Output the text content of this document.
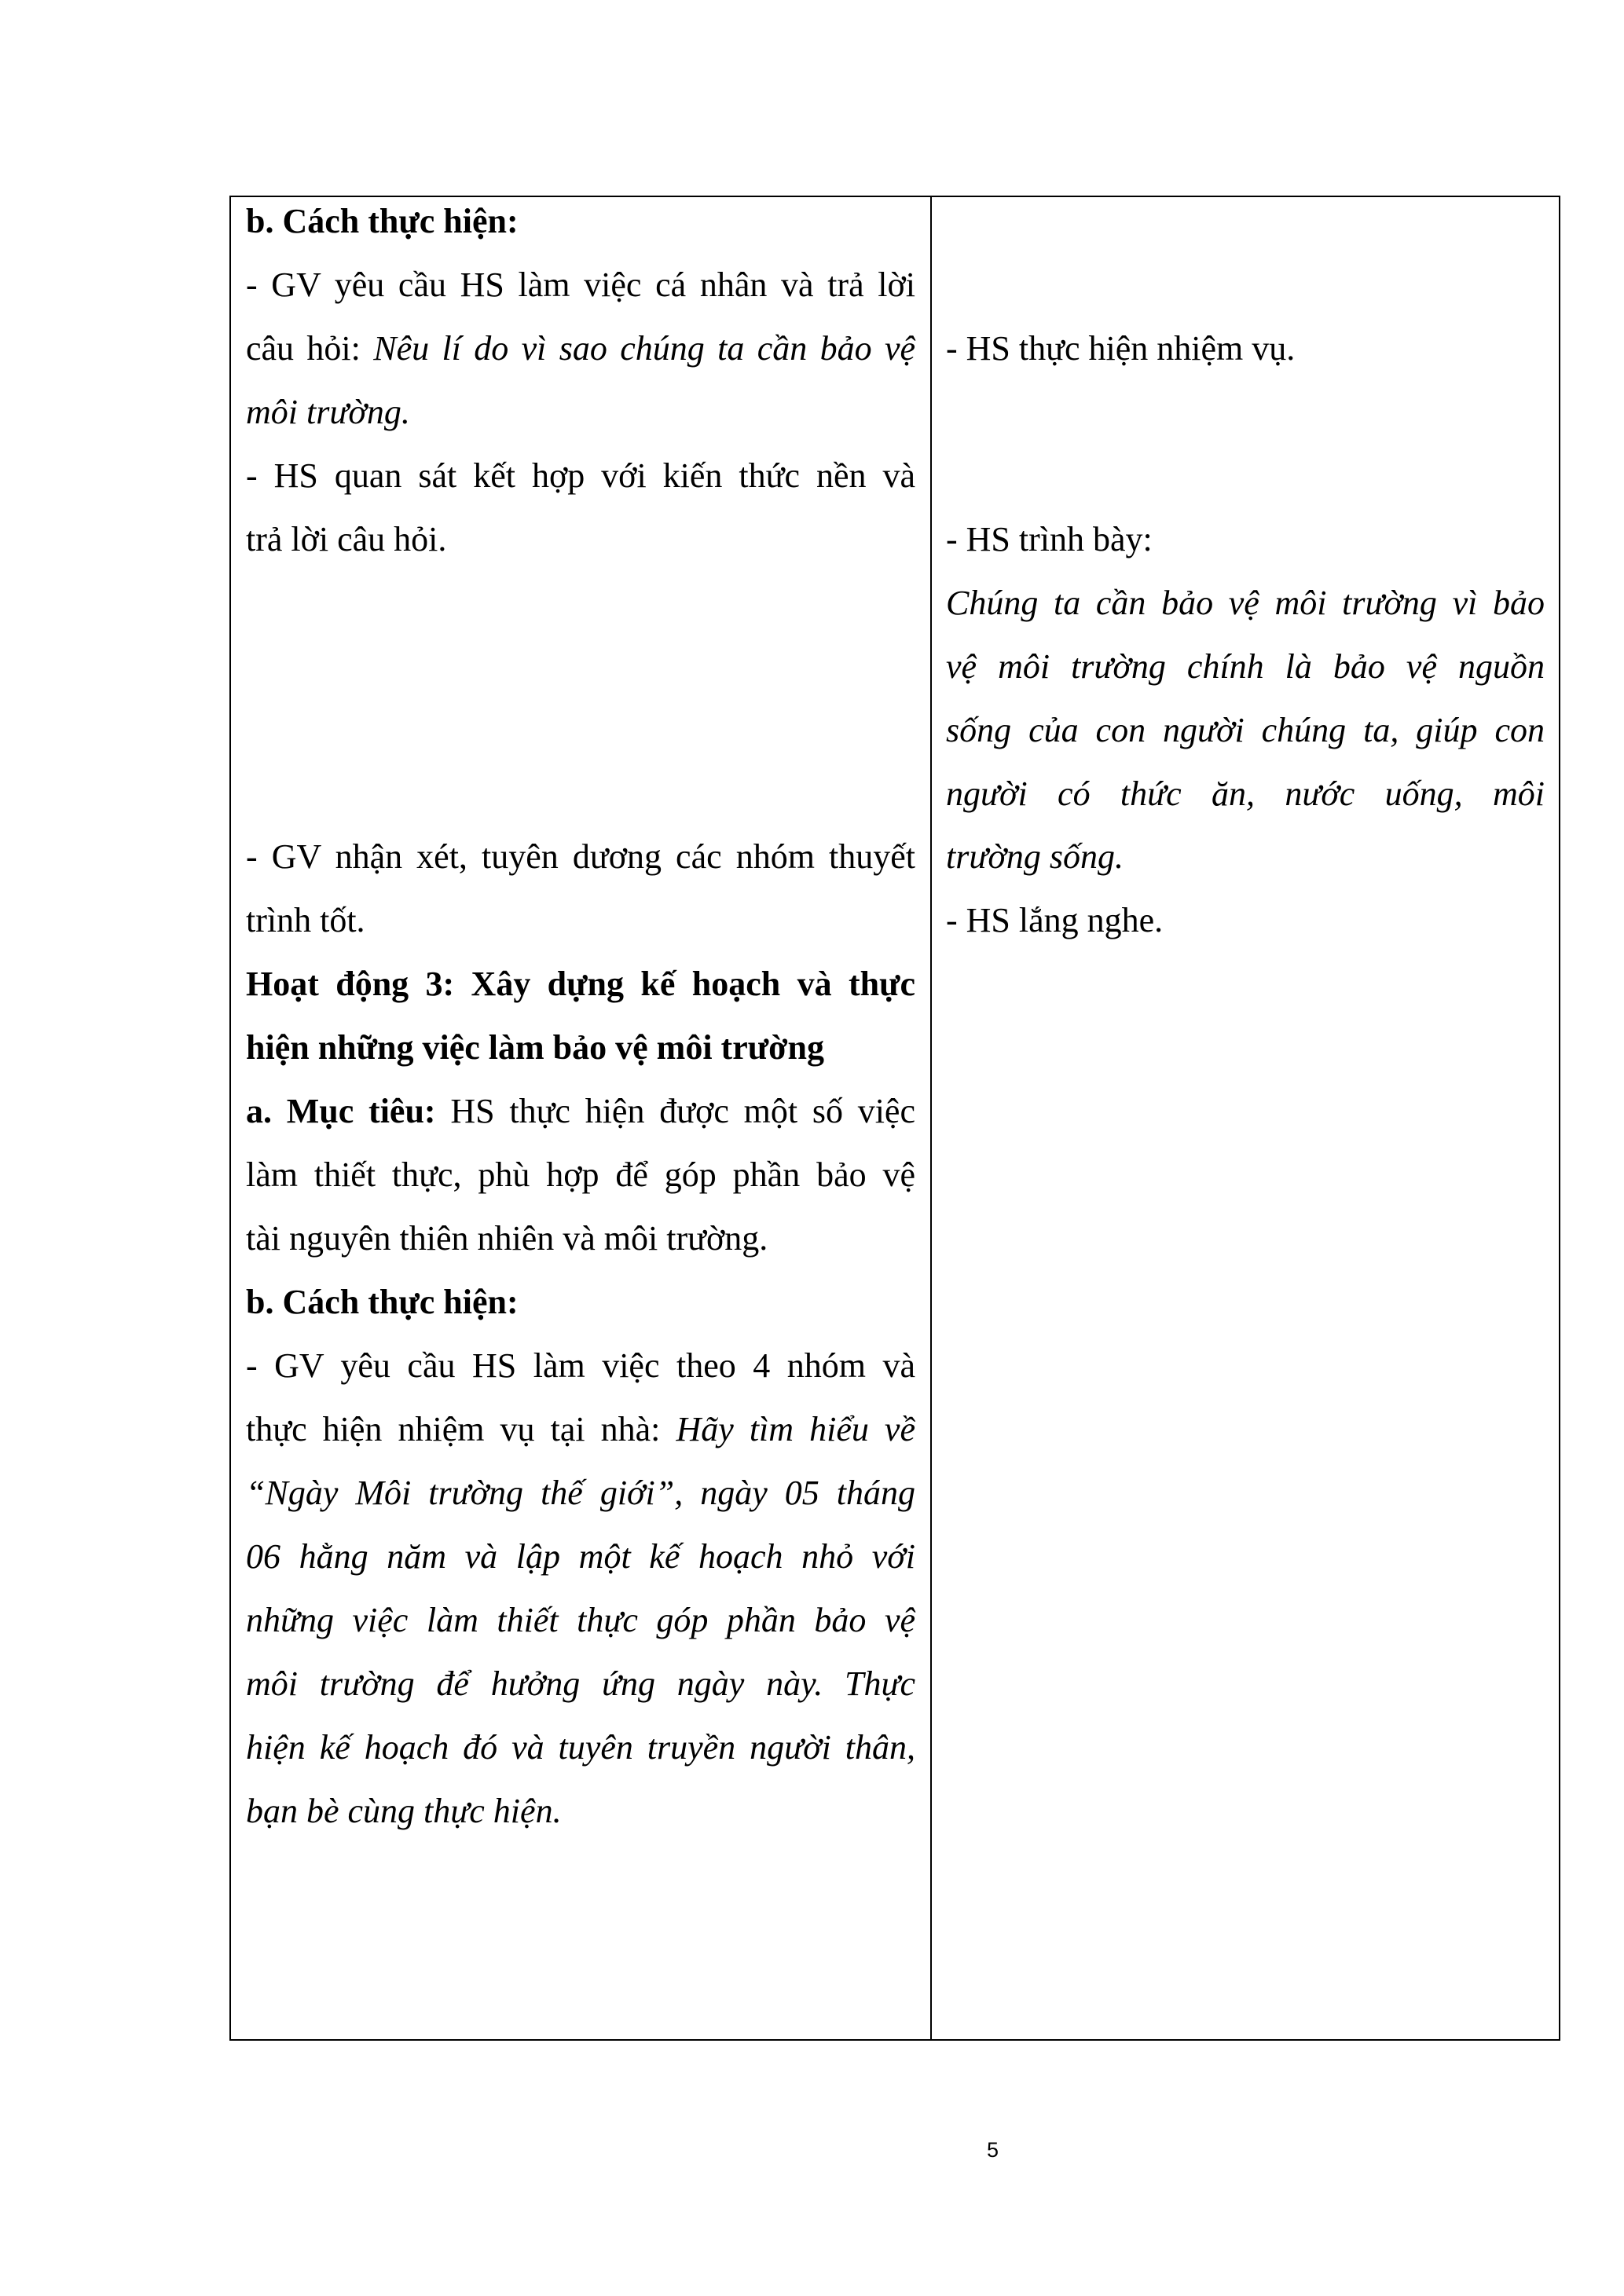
b. Cách thực hiện:
- GV yêu cầu HS làm việc cá nhân và trả lời
câu hỏi: Nêu lí do vì sao chúng ta cần bảo vệ
môi trường.
- HS quan sát kết hợp với kiến thức nền và
trả lời câu hỏi.
- GV nhận xét, tuyên dương các nhóm thuyết
trình tốt.
Hoạt động 3: Xây dựng kế hoạch và thực
hiện những việc làm bảo vệ môi trường
a. Mục tiêu: HS thực hiện được một số việc
làm thiết thực, phù hợp để góp phần bảo vệ
tài nguyên thiên nhiên và môi trường.
b. Cách thực hiện:
- GV yêu cầu HS làm việc theo 4 nhóm và
thực hiện nhiệm vụ tại nhà: Hãy tìm hiểu về
“Ngày Môi trường thế giới”, ngày 05 tháng
06 hằng năm và lập một kế hoạch nhỏ với
những việc làm thiết thực góp phần bảo vệ
môi trường để hưởng ứng ngày này. Thực
hiện kế hoạch đó và tuyên truyền người thân,
bạn bè cùng thực hiện.
- HS thực hiện nhiệm vụ.
- HS trình bày:
Chúng ta cần bảo vệ môi trường vì bảo
vệ môi trường chính là bảo vệ nguồn
sống của con người chúng ta, giúp con
người có thức ăn, nước uống, môi
trường sống.
- HS lắng nghe.
5
